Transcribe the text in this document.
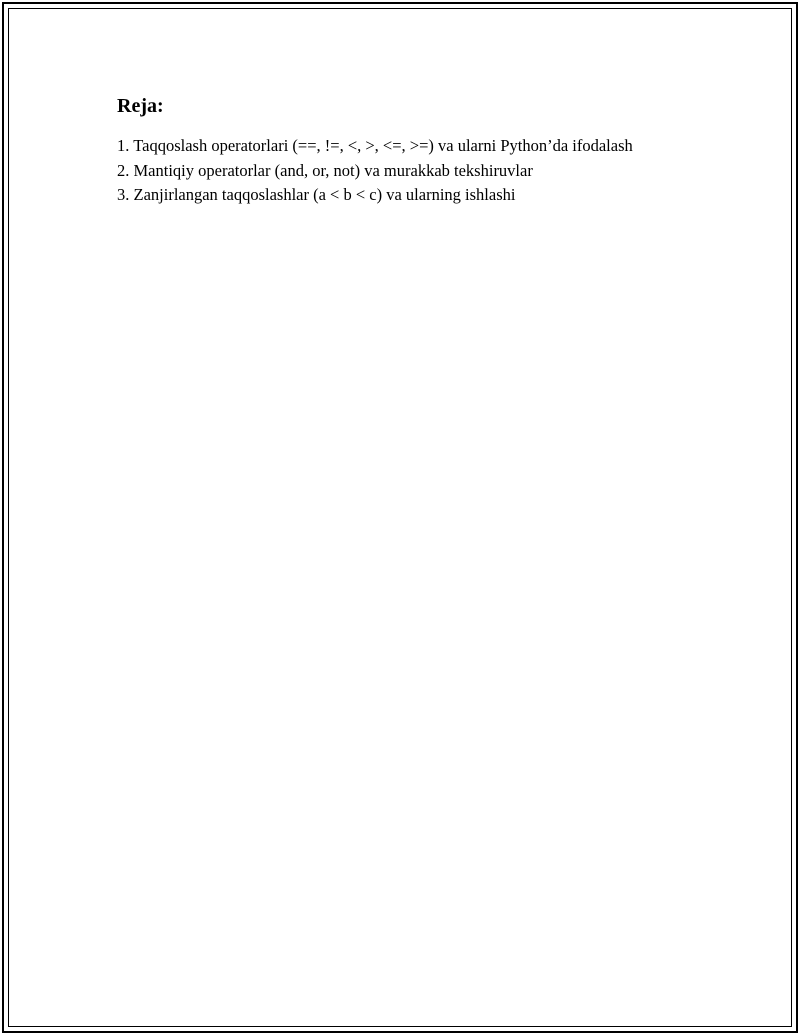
Reja:
1. Taqqoslash operatorlari (==, !=, <, >, <=, >=) va ularni Python’da ifodalash
2. Mantiqiy operatorlar (and, or, not) va murakkab tekshiruvlar
3. Zanjirlangan taqqoslashlar (a < b < c) va ularning ishlashi
